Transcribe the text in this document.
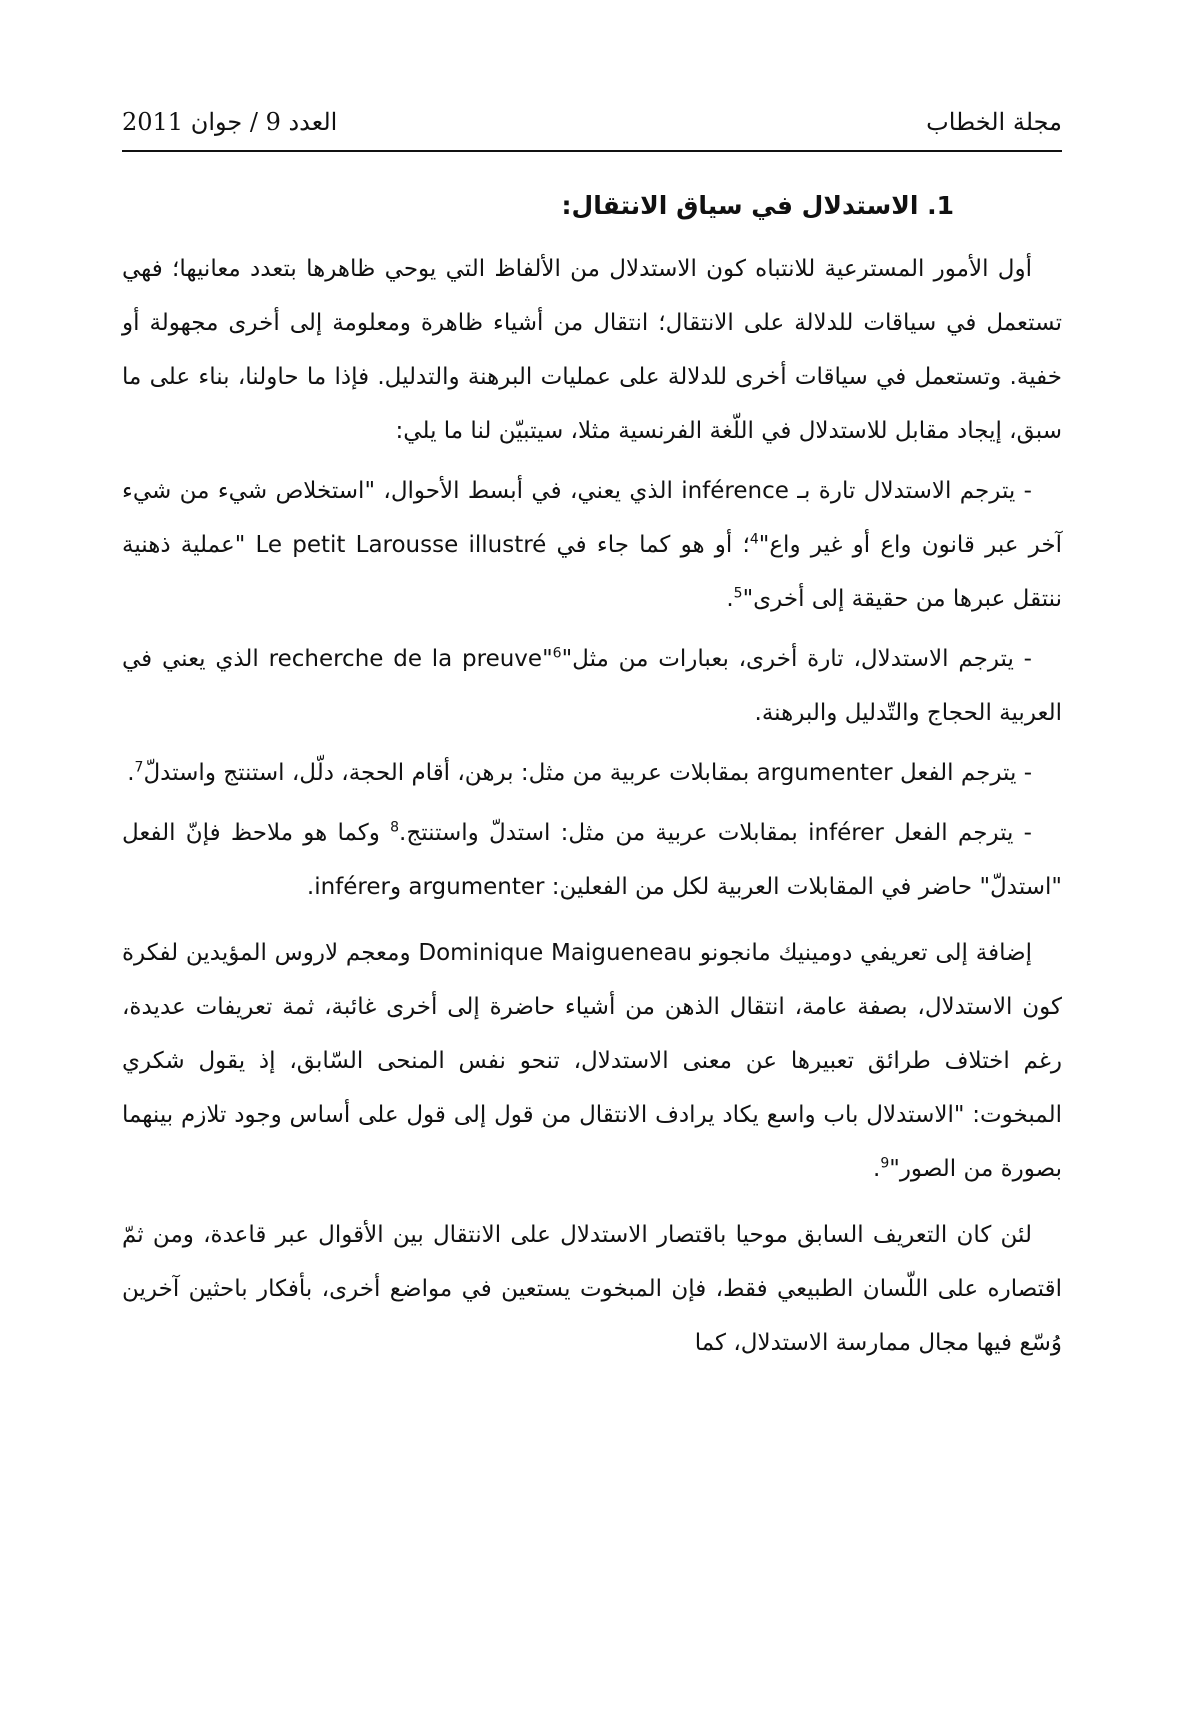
العدد 9 / جوان 2011	مجلة الخطاب

1. الاستدلال في سياق الانتقال:

أول الأمور المسترعية للانتباه كون الاستدلال من الألفاظ التي يوحي ظاهرها بتعدد معانيها؛ فهي تستعمل في سياقات للدلالة على الانتقال؛ انتقال من أشياء ظاهرة ومعلومة إلى أخرى مجهولة أو خفية. وتستعمل في سياقات أخرى للدلالة على عمليات البرهنة والتدليل. فإذا ما حاولنا، بناء على ما سبق، إيجاد مقابل للاستدلال في اللّغة الفرنسية مثلا، سيتبيّن لنا ما يلي:

- يترجم الاستدلال تارة بـ inférence الذي يعني، في أبسط الأحوال، "استخلاص شيء من شيء آخر عبر قانون واع أو غير واع"$^4$؛ أو هو كما جاء في Le petit Larousse illustré "عملية ذهنية ننتقل عبرها من حقيقة إلى أخرى"$^5$.

- يترجم الاستدلال، تارة أخرى، بعبارات من مثل"recherche de la preuve"$^6$ الذي يعني في العربية الحجاج والتّدليل والبرهنة.

- يترجم الفعل argumenter بمقابلات عربية من مثل: برهن، أقام الحجة، دلّل، استنتج واستدلّ$^7$.

- يترجم الفعل inférer بمقابلات عربية من مثل: استدلّ واستنتج.$^8$ وكما هو ملاحظ فإنّ الفعل "استدلّ" حاضر في المقابلات العربية لكل من الفعلين: argumenter وinférer.

إضافة إلى تعريفي دومينيك مانجونو Dominique Maigueneau ومعجم لاروس المؤيدين لفكرة كون الاستدلال، بصفة عامة، انتقال الذهن من أشياء حاضرة إلى أخرى غائبة، ثمة تعريفات عديدة، رغم اختلاف طرائق تعبيرها عن معنى الاستدلال، تنحو نفس المنحى السّابق، إذ يقول شكري المبخوت: "الاستدلال باب واسع يكاد يرادف الانتقال من قول إلى قول على أساس وجود تلازم بينهما بصورة من الصور"$^9$.

لئن كان التعريف السابق موحيا باقتصار الاستدلال على الانتقال بين الأقوال عبر قاعدة، ومن ثمّ اقتصاره على اللّسان الطبيعي فقط، فإن المبخوت يستعين في مواضع أخرى، بأفكار باحثين آخرين وُسّع فيها مجال ممارسة الاستدلال، كما
